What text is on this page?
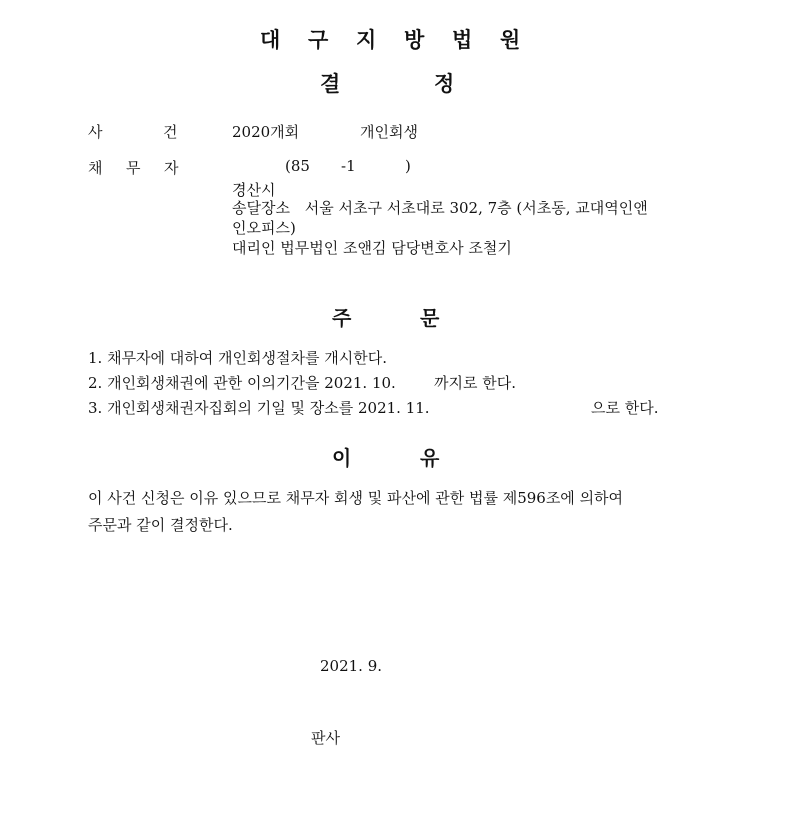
대 구 지 방 법 원
결	정
사	건	2020개회	개인회생
채 무 자	(85 -1	)
경산시
송달장소 서울 서초구 서초대로 302, 7층 (서초동, 교대역인앤
인오피스)
대리인 법무법인 조앤김 담당변호사 조철기
주	문
1. 채무자에 대하여 개인회생절차를 개시한다.
2. 개인회생채권에 관한 이의기간을 2021. 10.	까지로 한다.
3. 개인회생채권자집회의 기일 및 장소를 2021. 11.	으로 한다.
이	유
이 사건 신청은 이유 있으므로 채무자 회생 및 파산에 관한 법률 제596조에 의하여
주문과 같이 결정한다.
2021. 9.
판사
